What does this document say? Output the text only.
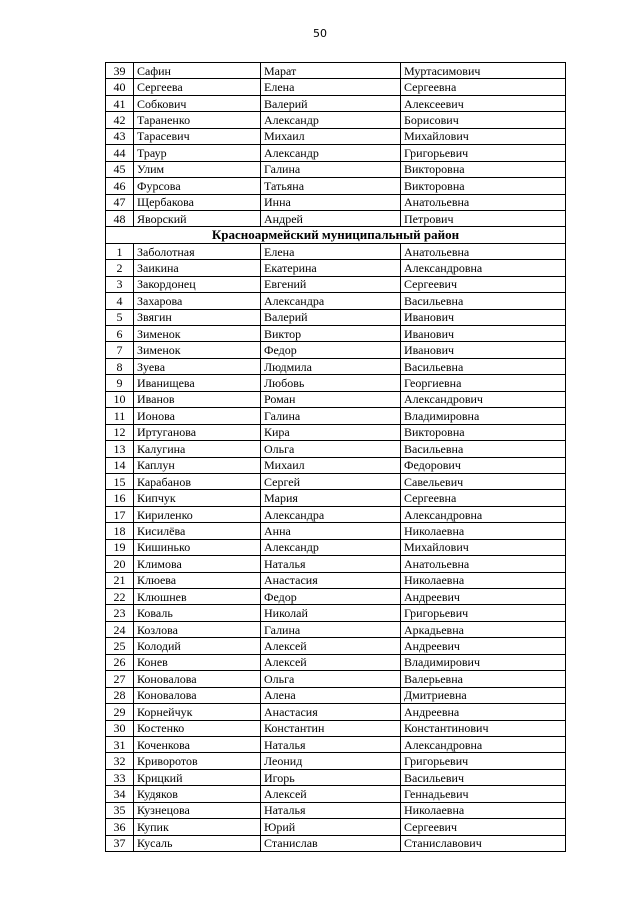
50
39	Сафин	Марат	Муртасимович
40	Сергеева	Елена	Сергеевна
41	Собкович	Валерий	Алексеевич
42	Тараненко	Александр	Борисович
43	Тарасевич	Михаил	Михайлович
44	Траур	Александр	Григорьевич
45	Улим	Галина	Викторовна
46	Фурсова	Татьяна	Викторовна
47	Щербакова	Инна	Анатольевна
48	Яворский	Андрей	Петрович
Красноармейский муниципальный район			
1	Заболотная	Елена	Анатольевна
2	Заикина	Екатерина	Александровна
3	Закордонец	Евгений	Сергеевич
4	Захарова	Александра	Васильевна
5	Звягин	Валерий	Иванович
6	Зименок	Виктор	Иванович
7	Зименок	Федор	Иванович
8	Зуева	Людмила	Васильевна
9	Иванищева	Любовь	Георгиевна
10	Иванов	Роман	Александрович
11	Ионова	Галина	Владимировна
12	Иртуганова	Кира	Викторовна
13	Калугина	Ольга	Васильевна
14	Каплун	Михаил	Федорович
15	Карабанов	Сергей	Савельевич
16	Кипчук	Мария	Сергеевна
17	Кириленко	Александра	Александровна
18	Кисилёва	Анна	Николаевна
19	Кишинько	Александр	Михайлович
20	Климова	Наталья	Анатольевна
21	Клюева	Анастасия	Николаевна
22	Клюшнев	Федор	Андреевич
23	Коваль	Николай	Григорьевич
24	Козлова	Галина	Аркадьевна
25	Колодий	Алексей	Андреевич
26	Конев	Алексей	Владимирович
27	Коновалова	Ольга	Валерьевна
28	Коновалова	Алена	Дмитриевна
29	Корнейчук	Анастасия	Андреевна
30	Костенко	Константин	Константинович
31	Коченкова	Наталья	Александровна
32	Криворотов	Леонид	Григорьевич
33	Крицкий	Игорь	Васильевич
34	Кудяков	Алексей	Геннадьевич
35	Кузнецова	Наталья	Николаевна
36	Купик	Юрий	Сергеевич
37	Кусаль	Станислав	Станиславович
